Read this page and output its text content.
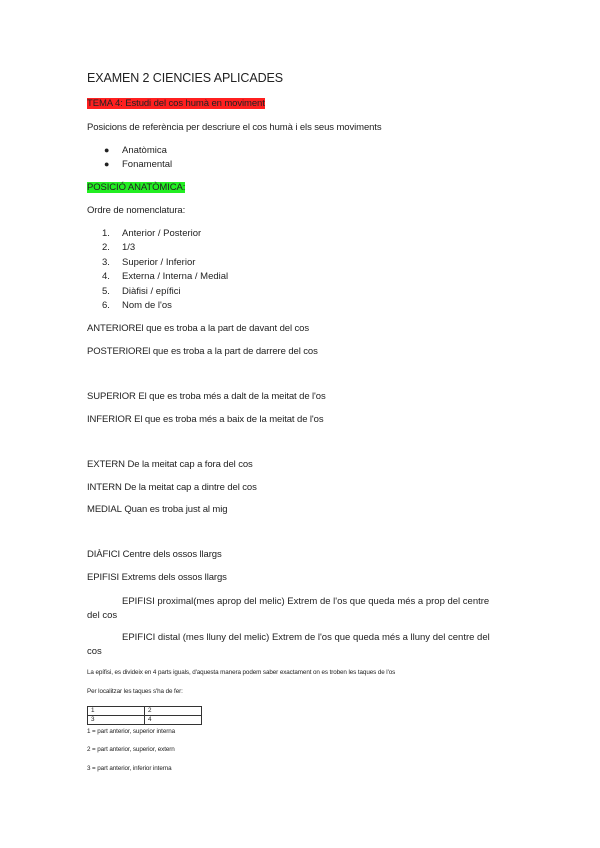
EXAMEN 2 CIENCIES APLICADES
TEMA 4: Estudi del cos humà en moviment
Posicions de referència per descriure el cos humà i els seus moviments
● Anatòmica
● Fonamental
POSICIÓ ANATÒMICA:
Ordre de nomenclatura:
1. Anterior / Posterior
2. 1/3
3. Superior / Inferior
4. Externa / Interna / Medial
5. Diàfisi / epífici
6. Nom de l'os
ANTERIOREl que es troba a la part de davant del cos
POSTERIOREl que es troba a la part de darrere del cos
SUPERIOR El que es troba més a dalt de la meitat de l'os
INFERIOR El que es troba més a baix de la meitat de l'os
EXTERN De la meitat cap a fora del cos
INTERN De la meitat cap a dintre del cos
MEDIAL Quan es troba just al mig
DIÀFICI Centre dels ossos llargs
EPIFISI Extrems dels ossos llargs
EPIFISI proximal(mes aprop del melic) Extrem de l'os que queda més a prop del centre
del cos
EPIFICI distal (mes lluny del melic) Extrem de l'os que queda més a lluny del centre del
cos
La epífisi, es divideix en 4 parts iguals, d'aquesta manera podem saber exactament on es troben les taques de l'os
Per localitzar les taques s'ha de fer:
1	2
3	4
1 = part anterior, superior interna
2 = part anterior, superior, extern
3 = part anterior, inferior interna
